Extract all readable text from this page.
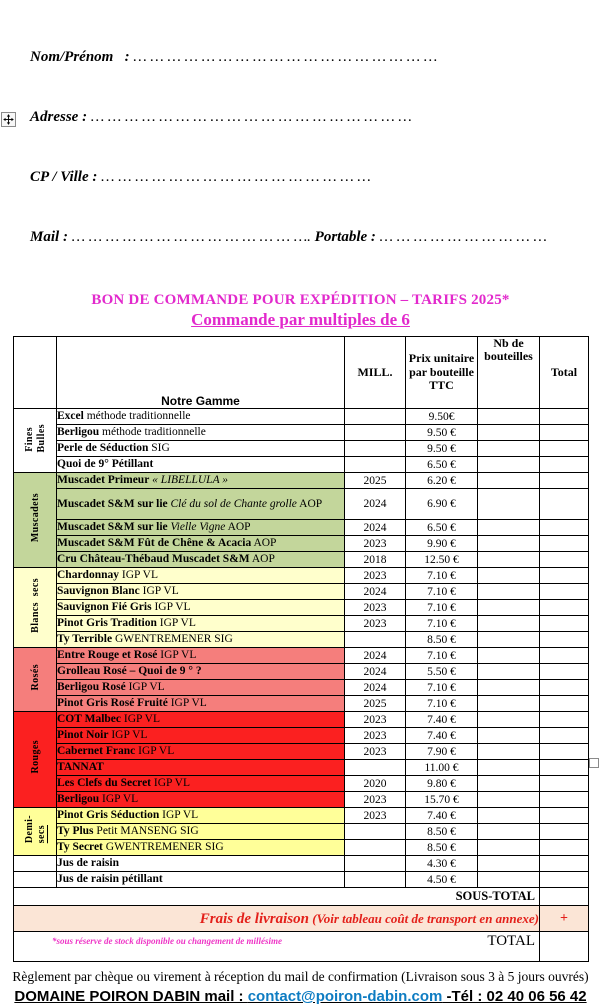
Nom/Prénom   : … … … … … … … … … … … … … … … … … …

Adresse : … … … … … … … … … … … … … … … … … … …

CP / Ville : … … … … … … … … … … … … … … … …

Mail : … … … … … … … … … … … … … …. Portable : … … … … … … … … … …

BON DE COMMANDE POUR EXPÉDITION – TARIFS 2025*
Commande par multiples de 6
	Notre Gamme	MILL.	Prix unitaire par bouteille TTC	Nb de bouteilles	Total
FinesBulles	Excel méthode traditionnelle		9.50€		
	Berligou méthode traditionnelle		9.50 €		
	Perle de Séduction SIG		9.50 €		
	Quoi de 9° Pétillant		6.50 €		
Muscadets	Muscadet Primeur « LIBELLULA »	2025	6.20 €		
	Muscadet S&M sur lie Clé du sol de Chante grolle AOP	2024	6.90 €		
	Muscadet S&M sur lie Vielle Vigne AOP	2024	6.50 €		
	Muscadet S&M Fût de Chêne & Acacia AOP	2023	9.90 €		
	Cru Château-Thébaud Muscadet S&M AOP	2018	12.50 €		
Blancs  secs	Chardonnay IGP VL	2023	7.10 €		
	Sauvignon Blanc IGP VL	2024	7.10 €		
	Sauvignon Fié Gris IGP VL	2023	7.10 €		
	Pinot Gris Tradition IGP VL	2023	7.10 €		
	Ty Terrible GWENTREMENER SIG		8.50 €		
Rosés	Entre Rouge et Rosé IGP VL	2024	7.10 €		
	Grolleau Rosé – Quoi de 9 ° ?	2024	5.50 €		
	Berligou Rosé IGP VL	2024	7.10 €		
	Pinot Gris Rosé Fruité IGP VL	2025	7.10 €		
Rouges	COT Malbec IGP VL	2023	7.40 €		
	Pinot Noir IGP VL	2023	7.40 €		
	Cabernet Franc IGP VL	2023	7.90 €		
	TANNAT		11.00 €		
	Les Clefs du Secret IGP VL	2020	9.80 €		
	Berligou IGP VL	2023	15.70 €		
Demi-secs	Pinot Gris Séduction IGP VL	2023	7.40 €		
	Ty Plus Petit MANSENG SIG		8.50 €		
	Ty Secret GWENTREMENER SIG		8.50 €		
	Jus de raisin		4.30 €		
	Jus de raisin pétillant		4.50 €		

SOUS-TOTAL					

Frais de livraison (Voir tableau coût de transport en annexe)					+

*sous réserve de stock disponible ou changement de millésime TOTAL					

Règlement par chèque ou virement à réception du mail de confirmation (Livraison sous 3 à 5 jours ouvrés)
DOMAINE POIRON DABIN mail : contact@poiron-dabin.com -Tél : 02 40 06 56 42
